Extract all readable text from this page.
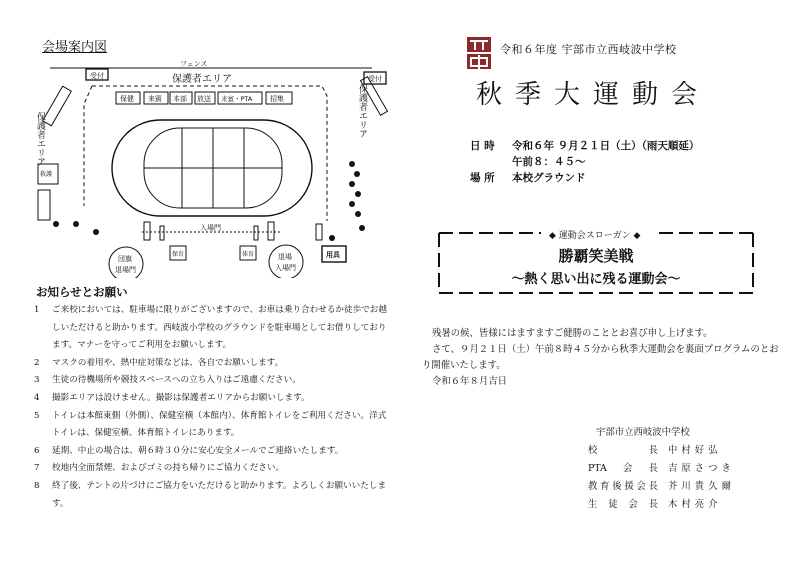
会場案内図
フェンス
受付	受付
保健 来賓 本部 放送 来賓・PTA	招集
入場門
団旗
退場門
退場
入場門
保育	体育	用具
救護
保護者エリア
保護者エリア
保護者エリア
お知らせとお願い
1 ご来校においては、駐車場に限りがございますので、お車は乗り合わせるか徒歩でお越しいただけると助かります。西岐波小学校のグラウンドを駐車場としてお借りしております。マナーを守ってご利用をお願いします。
2 マスクの着用や、熱中症対策などは、各自でお願いします。
3 生徒の待機場所や競技スペースへの立ち入りはご遠慮ください。
4 撮影エリアは設けません。撮影は保護者エリアからお願いします。
5 トイレは本館東側（外側）、保健室横（本館内）、体育館トイレをご利用ください。洋式トイレは、保健室横、体育館トイレにあります。
6 延期、中止の場合は、朝６時３０分に安心安全メールでご連絡いたします。
7 校地内全面禁煙、およびゴミの持ち帰りにご協力ください。
8 終了後、テントの片づけにご協力をいただけると助かります。よろしくお願いいたします。
令和６年度 宇部市立西岐波中学校
秋季大運動会
日 時 令和６年 ９月２１日（土）（雨天順延）
午前８：４５～
場 所 本校グラウンド
勝覇笑美戦
～熱く思い出に残る運動会～
◆ 運動会スローガン ◆

残暑の候、皆様にはますますご健勝のこととお喜び申し上げます。

さて、９月２１日（土）午前８時４５分から秋季大運動会を裏面プログラムのとおり開催いたします。

令和６年８月吉日

宇部市立西岐波中学校
校長 中村好弘
PTA会長 吉原さつき
教育後援会長 芥川貴久爾
生徒会長 木村亮介
